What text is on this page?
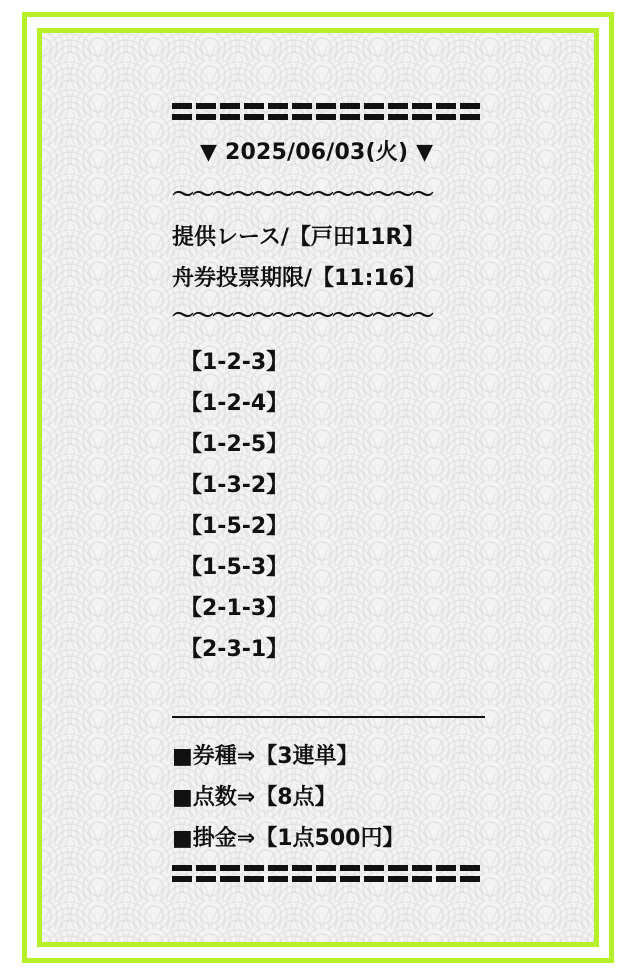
▼ 2025/06/03(火) ▼
〜〜〜〜〜〜〜〜〜〜〜〜〜
提供レース/【戸田11R】
舟券投票期限/【11:16】
〜〜〜〜〜〜〜〜〜〜〜〜〜
【1-2-3】
【1-2-4】
【1-2-5】
【1-3-2】
【1-5-2】
【1-5-3】
【2-1-3】
【2-3-1】
■券種⇒【3連単】
■点数⇒【8点】
■掛金⇒【1点500円】
